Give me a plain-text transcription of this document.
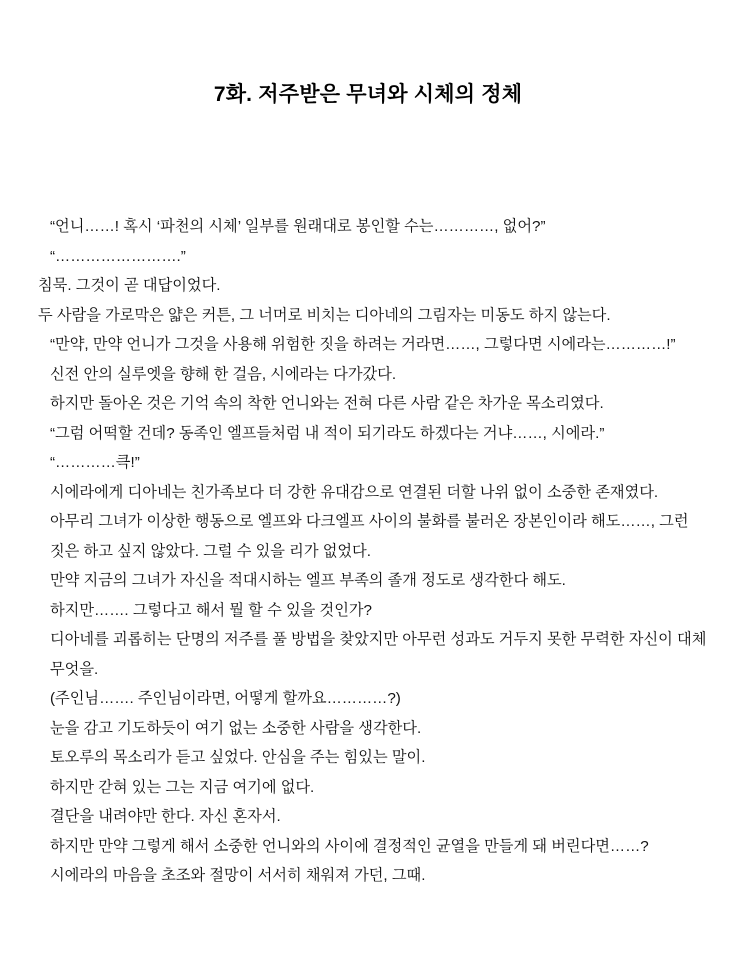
7화. 저주받은 무녀와 시체의 정체

“언니……! 혹시 ‘파천의 시체’ 일부를 원래대로 봉인할 수는…………, 없어?”

“…………………….”

침묵. 그것이 곧 대답이었다.

두 사람을 가로막은 얇은 커튼, 그 너머로 비치는 디아네의 그림자는 미동도 하지 않는다.

“만약, 만약 언니가 그것을 사용해 위험한 짓을 하려는 거라면……, 그렇다면 시에라는…………!”

신전 안의 실루엣을 향해 한 걸음, 시에라는 다가갔다.

하지만 돌아온 것은 기억 속의 착한 언니와는 전혀 다른 사람 같은 차가운 목소리였다.

“그럼 어떡할 건데? 동족인 엘프들처럼 내 적이 되기라도 하겠다는 거냐……, 시에라.”

“…………큭!”

시에라에게 디아네는 친가족보다 더 강한 유대감으로 연결된 더할 나위 없이 소중한 존재였다.

아무리 그녀가 이상한 행동으로 엘프와 다크엘프 사이의 불화를 불러온 장본인이라 해도……, 그런 짓은 하고 싶지 않았다. 그럴 수 있을 리가 없었다.

만약 지금의 그녀가 자신을 적대시하는 엘프 부족의 졸개 정도로 생각한다 해도.

하지만……. 그렇다고 해서 뭘 할 수 있을 것인가?

디아네를 괴롭히는 단명의 저주를 풀 방법을 찾았지만 아무런 성과도 거두지 못한 무력한 자신이 대체 무엇을.

(주인님……. 주인님이라면, 어떻게 할까요…………?)

눈을 감고 기도하듯이 여기 없는 소중한 사람을 생각한다.

토오루의 목소리가 듣고 싶었다. 안심을 주는 힘있는 말이.

하지만 갇혀 있는 그는 지금 여기에 없다.

결단을 내려야만 한다. 자신 혼자서.

하지만 만약 그렇게 해서 소중한 언니와의 사이에 결정적인 균열을 만들게 돼 버린다면……?

시에라의 마음을 초조와 절망이 서서히 채워져 가던, 그때.
